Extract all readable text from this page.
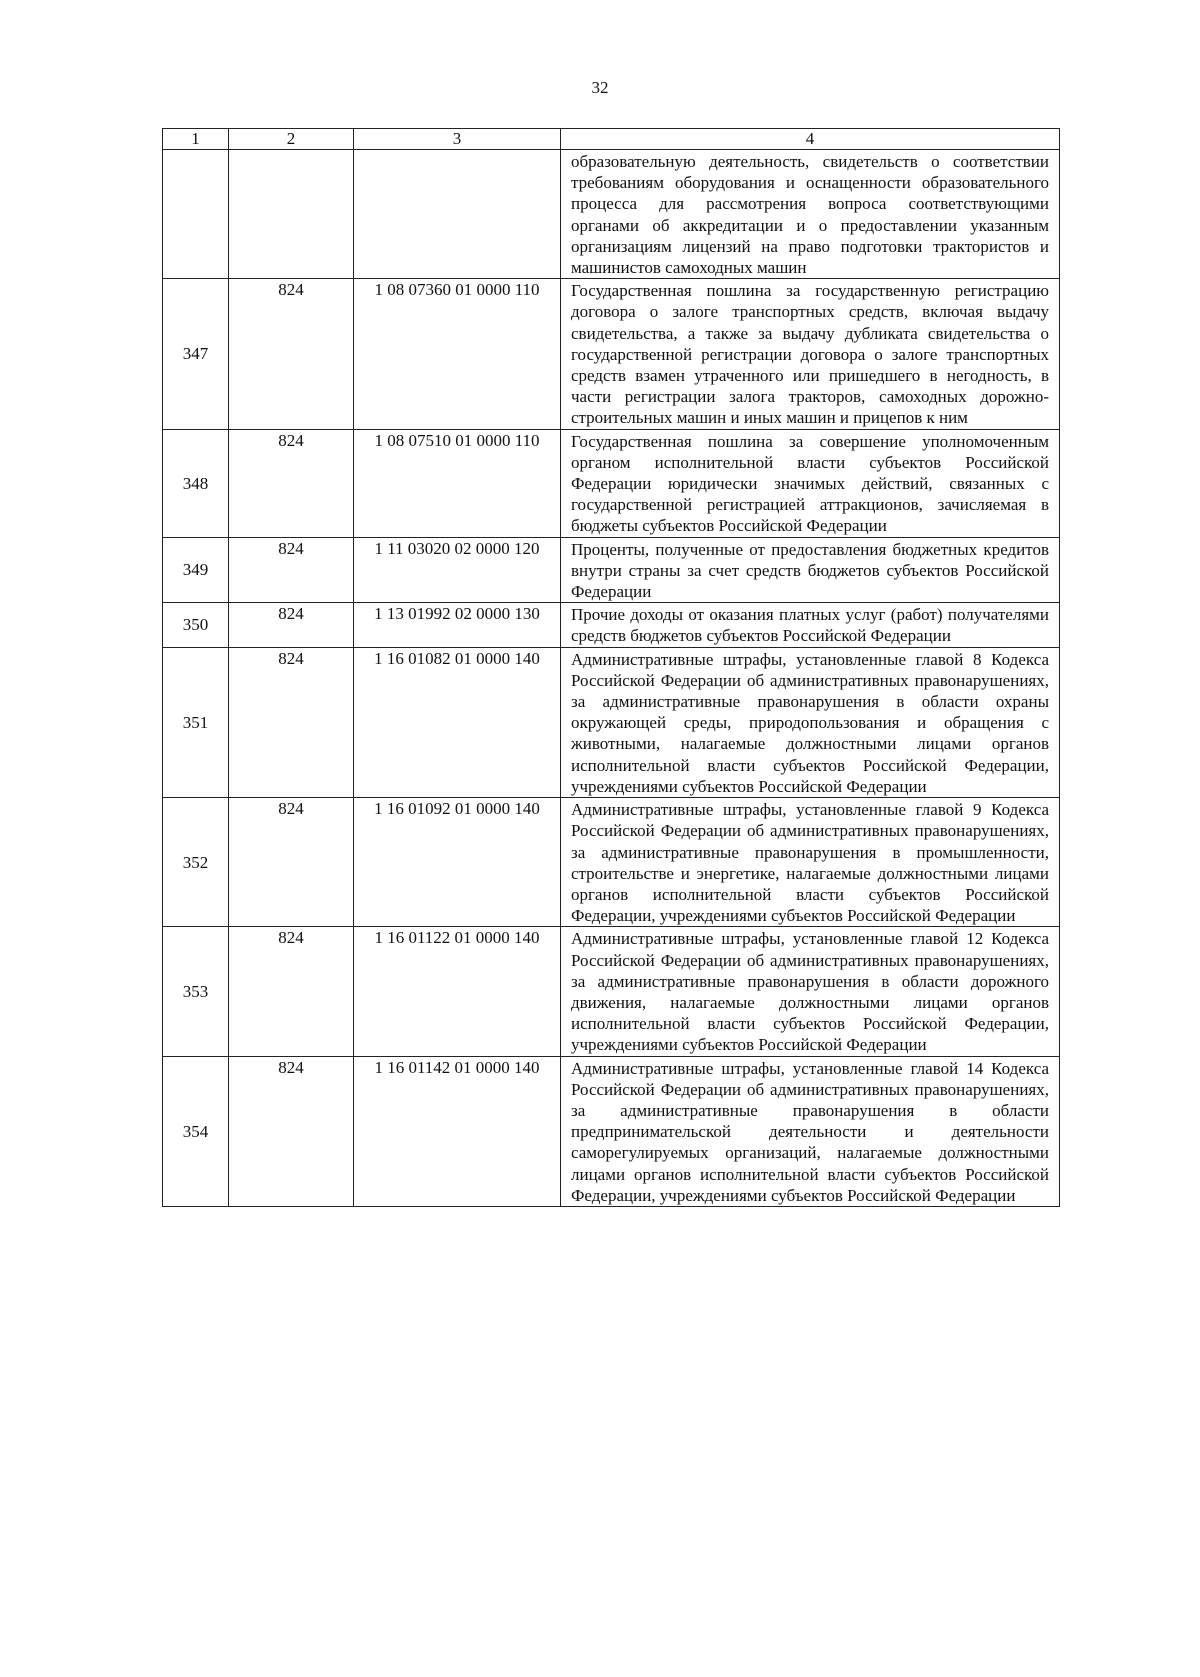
32
1	2	3	4
			образовательную деятельность, свидетельств о соответствии требованиям оборудования и оснащенности образовательного процесса для рассмотрения вопроса соответствующими органами об аккредитации и о предоставлении указанным организациям лицензий на право подготовки трактористов и машинистов самоходных машин
347	824	1 08 07360 01 0000 110	Государственная пошлина за государственную регистрацию договора о залоге транспортных средств, включая выдачу свидетельства, а также за выдачу дубликата свидетельства о государственной регистрации договора о залоге транспортных средств взамен утраченного или пришедшего в негодность, в части регистрации залога тракторов, самоходных дорожно-строительных машин и иных машин и прицепов к ним
348	824	1 08 07510 01 0000 110	Государственная пошлина за совершение уполномоченным органом исполнительной власти субъектов Российской Федерации юридически значимых действий, связанных с государственной регистрацией аттракционов, зачисляемая в бюджеты субъектов Российской Федерации
349	824	1 11 03020 02 0000 120	Проценты, полученные от предоставления бюджетных кредитов внутри страны за счет средств бюджетов субъектов Российской Федерации
350	824	1 13 01992 02 0000 130	Прочие доходы от оказания платных услуг (работ) получателями средств бюджетов субъектов Российской Федерации
351	824	1 16 01082 01 0000 140	Административные штрафы, установленные главой 8 Кодекса Российской Федерации об административных правонарушениях, за административные правонарушения в области охраны окружающей среды, природопользования и обращения с животными, налагаемые должностными лицами органов исполнительной власти субъектов Российской Федерации, учреждениями субъектов Российской Федерации
352	824	1 16 01092 01 0000 140	Административные штрафы, установленные главой 9 Кодекса Российской Федерации об административных правонарушениях, за административные правонарушения в промышленности, строительстве и энергетике, налагаемые должностными лицами органов исполнительной власти субъектов Российской Федерации, учреждениями субъектов Российской Федерации
353	824	1 16 01122 01 0000 140	Административные штрафы, установленные главой 12 Кодекса Российской Федерации об административных правонарушениях, за административные правонарушения в области дорожного движения, налагаемые должностными лицами органов исполнительной власти субъектов Российской Федерации, учреждениями субъектов Российской Федерации
354	824	1 16 01142 01 0000 140	Административные штрафы, установленные главой 14 Кодекса Российской Федерации об административных правонарушениях, за административные правонарушения в области предпринимательской деятельности и деятельности саморегулируемых организаций, налагаемые должностными лицами органов исполнительной власти субъектов Российской Федерации, учреждениями субъектов Российской Федерации
